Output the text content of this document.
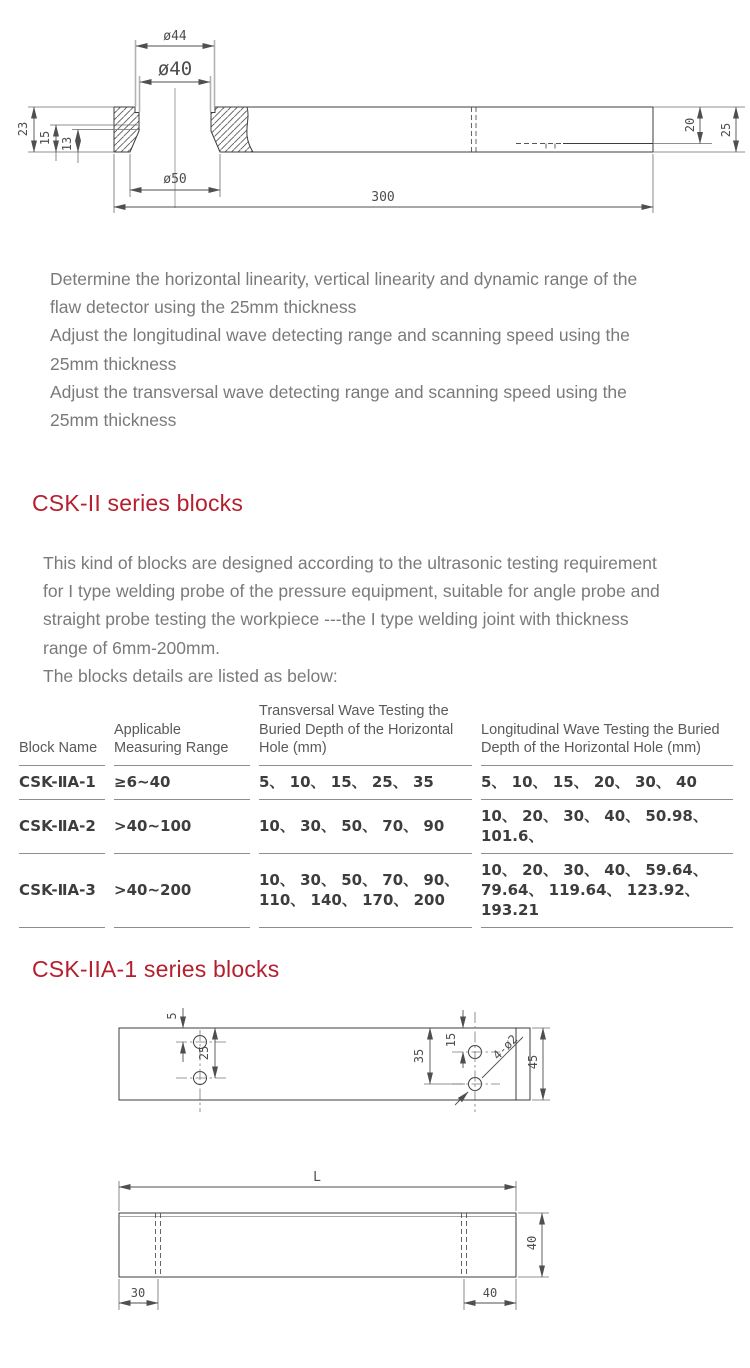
ø44
ø40
ø50
300
23
15 13
20 25
5
25	35
15	4-ø2 45
L
40
30	40
Determine the horizontal linearity, vertical linearity and dynamic range of the
flaw detector using the 25mm thickness
Adjust the longitudinal wave detecting range and scanning speed using the
25mm thickness
Adjust the transversal wave detecting range and scanning speed using the
25mm thickness
CSK-II series blocks
This kind of blocks are designed according to the ultrasonic testing requirement
for I type welding probe of the pressure equipment, suitable for angle probe and
straight probe testing the workpiece ---the I type welding joint with thickness
range of 6mm-200mm.
The blocks details are listed as below:
Block Name	Applicable Measuring Range	Transversal Wave Testing the Buried Depth of the Horizontal Hole (mm)	Longitudinal Wave Testing the Buried Depth of the Horizontal Hole (mm)
CSK-ⅡA-1	≥6~40	5、 10、 15、 25、 35	5、 10、 15、 20、 30、 40
CSK-ⅡA-2	>40~100	10、 30、 50、 70、 90	10、 20、 30、 40、 50.98、 101.6、
CSK-ⅡA-3	>40~200	10、 30、 50、 70、 90、 110、 140、 170、 200	10、 20、 30、 40、 59.64、 79.64、 119.64、 123.92、 193.21
CSK-IIA-1 series blocks
